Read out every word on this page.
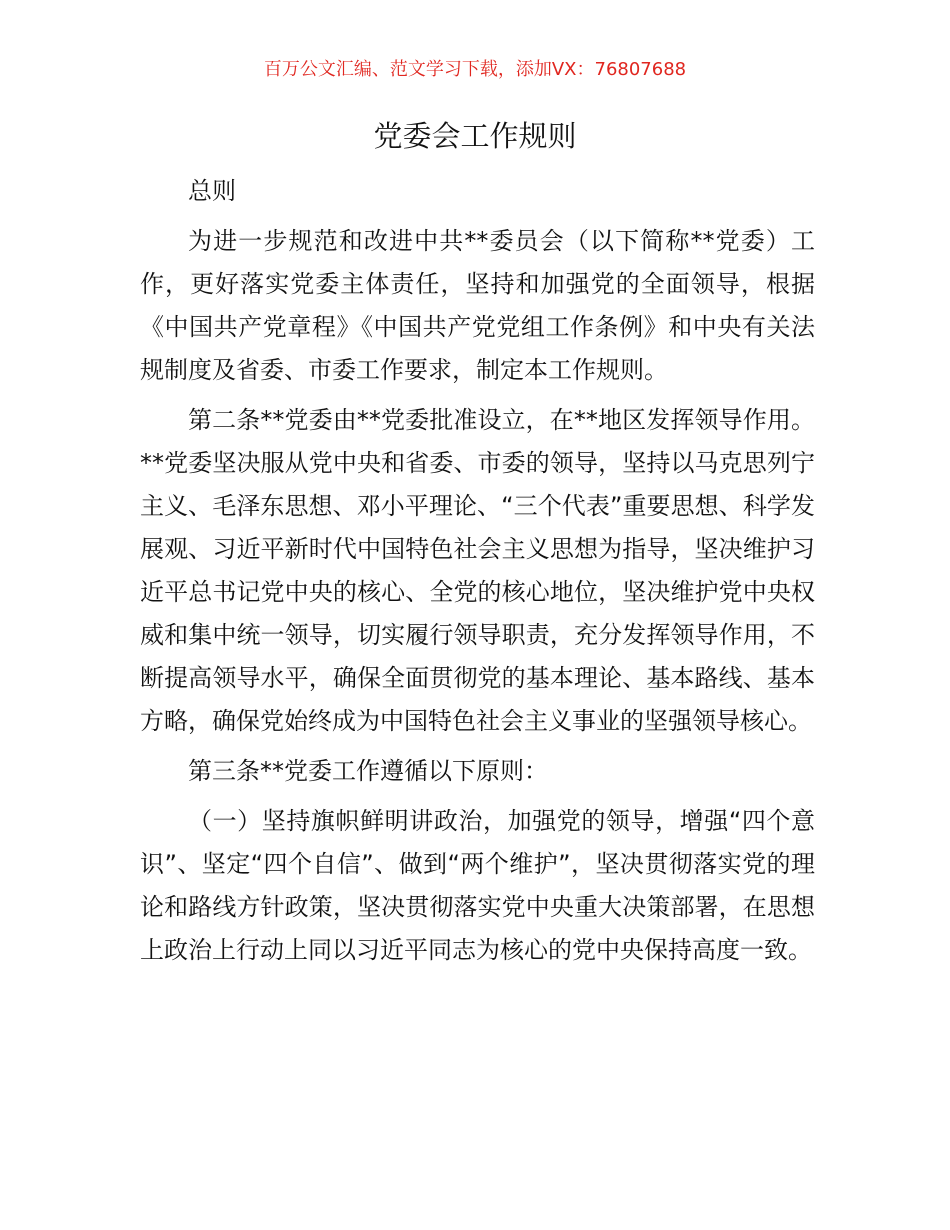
百万公文汇编、范文学习下载，添加VX：76807688
党委会工作规则

总则

为进一步规范和改进中共**委员会（以下简称**党委）工作，更好落实党委主体责任，坚持和加强党的全面领导，根据《中国共产党章程》《中国共产党党组工作条例》和中央有关法规制度及省委、市委工作要求，制定本工作规则。

第二条**党委由**党委批准设立，在**地区发挥领导作用。**党委坚决服从党中央和省委、市委的领导，坚持以马克思列宁主义、毛泽东思想、邓小平理论、“三个代表”重要思想、科学发展观、习近平新时代中国特色社会主义思想为指导，坚决维护习近平总书记党中央的核心、全党的核心地位，坚决维护党中央权威和集中统一领导，切实履行领导职责，充分发挥领导作用，不断提高领导水平，确保全面贯彻党的基本理论、基本路线、基本方略，确保党始终成为中国特色社会主义事业的坚强领导核心。

第三条**党委工作遵循以下原则：

（一）坚持旗帜鲜明讲政治，加强党的领导，增强“四个意识”、坚定“四个自信”、做到“两个维护”，坚决贯彻落实党的理论和路线方针政策，坚决贯彻落实党中央重大决策部署，在思想上政治上行动上同以习近平同志为核心的党中央保持高度一致。
